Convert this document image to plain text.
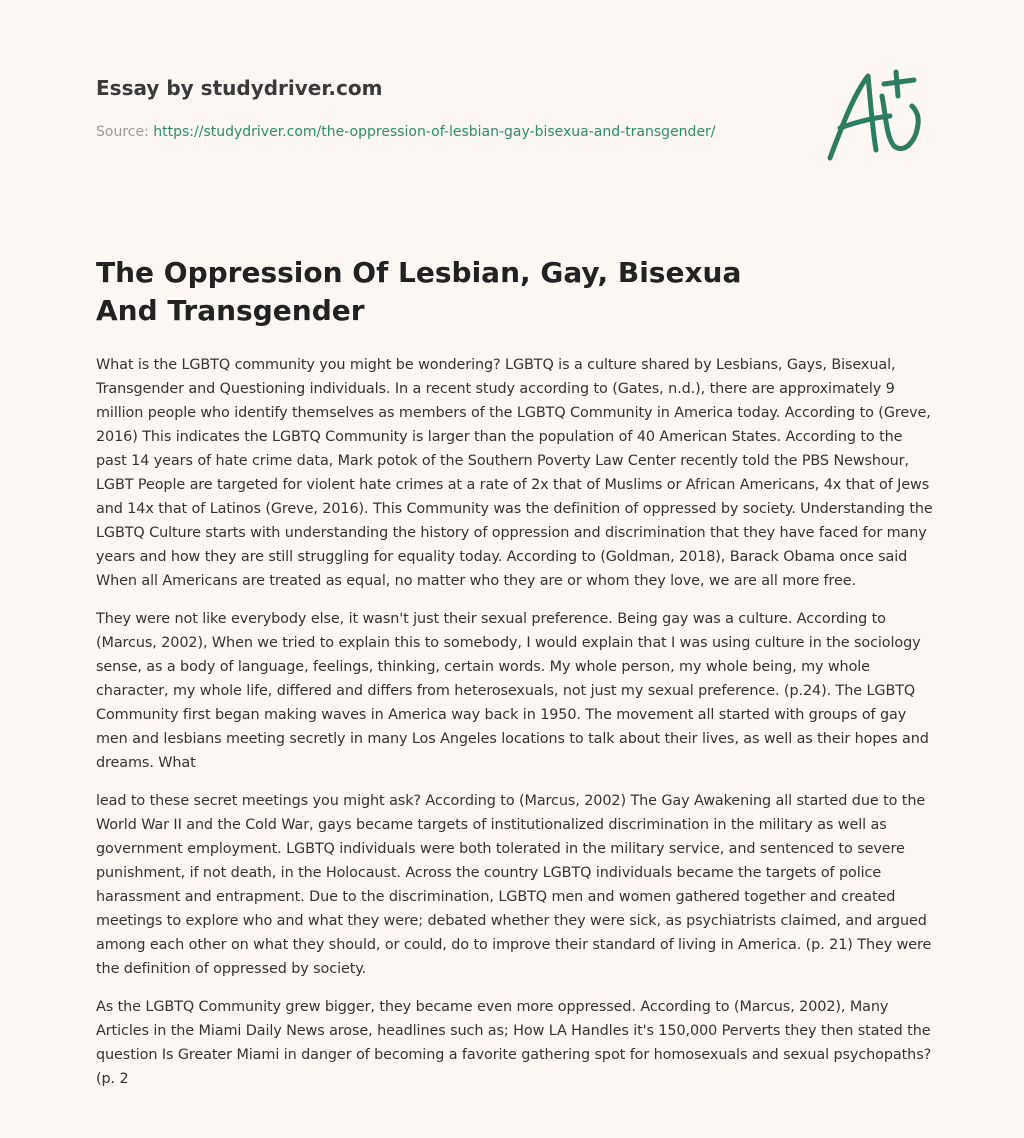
Essay by studydriver.com
Source: https://studydriver.com/the-oppression-of-lesbian-gay-bisexua-and-transgender/
The Oppression Of Lesbian, Gay, Bisexua And Transgender

What is the LGBTQ community you might be wondering? LGBTQ is a culture shared by Lesbians, Gays, Bisexual, Transgender and Questioning individuals. In a recent study according to (Gates, n.d.), there are approximately 9 million people who identify themselves as members of the LGBTQ Community in America today. According to (Greve, 2016) This indicates the LGBTQ Community is larger than the population of 40 American States. According to the past 14 years of hate crime data, Mark potok of the Southern Poverty Law Center recently told the PBS Newshour, LGBT People are targeted for violent hate crimes at a rate of 2x that of Muslims or African Americans, 4x that of Jews and 14x that of Latinos (Greve, 2016). This Community was the definition of oppressed by society. Understanding the LGBTQ Culture starts with understanding the history of oppression and discrimination that they have faced for many years and how they are still struggling for equality today. According to (Goldman, 2018), Barack Obama once said When all Americans are treated as equal, no matter who they are or whom they love, we are all more free.

They were not like everybody else, it wasn't just their sexual preference. Being gay was a culture. According to (Marcus, 2002), When we tried to explain this to somebody, I would explain that I was using culture in the sociology sense, as a body of language, feelings, thinking, certain words. My whole person, my whole being, my whole character, my whole life, differed and differs from heterosexuals, not just my sexual preference. (p.24). The LGBTQ Community first began making waves in America way back in 1950. The movement all started with groups of gay men and lesbians meeting secretly in many Los Angeles locations to talk about their lives, as well as their hopes and dreams. What

lead to these secret meetings you might ask? According to (Marcus, 2002) The Gay Awakening all started due to the World War II and the Cold War, gays became targets of institutionalized discrimination in the military as well as government employment. LGBTQ individuals were both tolerated in the military service, and sentenced to severe punishment, if not death, in the Holocaust. Across the country LGBTQ individuals became the targets of police harassment and entrapment. Due to the discrimination, LGBTQ men and women gathered together and created meetings to explore who and what they were; debated whether they were sick, as psychiatrists claimed, and argued among each other on what they should, or could, do to improve their standard of living in America. (p. 21) They were the definition of oppressed by society.

As the LGBTQ Community grew bigger, they became even more oppressed. According to (Marcus, 2002), Many Articles in the Miami Daily News arose, headlines such as; How LA Handles it's 150,000 Perverts they then stated the question Is Greater Miami in danger of becoming a favorite gathering spot for homosexuals and sexual psychopaths? (p. 2
